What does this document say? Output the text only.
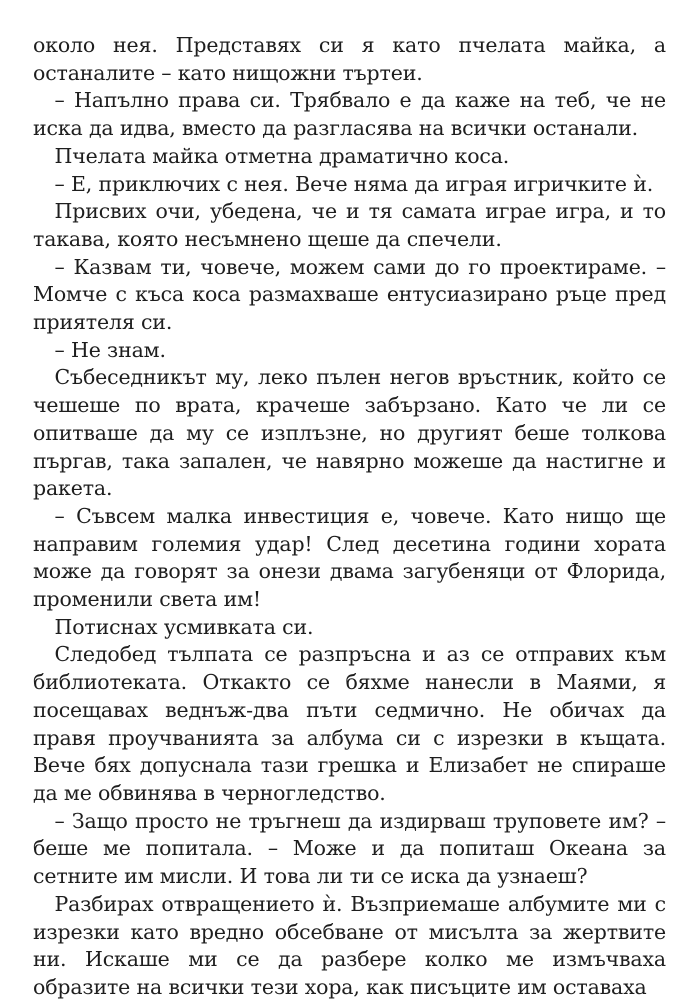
около нея. Представях си я като пчелата майка, а останалите – като нищожни търтеи.

– Напълно права си. Трябвало е да каже на теб, че не иска да идва, вместо да разгласява на всички останали.

Пчелата майка отметна драматично коса.

– Е, приключих с нея. Вече няма да играя игричките ѝ.

Присвих очи, убедена, че и тя самата играе игра, и то такава, която несъмнено щеше да спечели.

– Казвам ти, човече, можем сами до го проектираме. – Момче с къса коса размахваше ентусиазирано ръце пред приятеля си.

– Не знам.

Събеседникът му, леко пълен негов връстник, който се чешеше по врата, крачеше забързано. Като че ли се опитваше да му се изплъзне, но другият беше толкова пъргав, така запален, че навярно можеше да настигне и ракета.

– Съвсем малка инвестиция е, човече. Като нищо ще направим големия удар! След десетина години хората може да говорят за онези двама загубеняци от Флорида, променили света им!

Потиснах усмивката си.

Следобед тълпата се разпръсна и аз се отправих към библиотеката. Откакто се бяхме нанесли в Маями, я посещавах веднъж-два пъти седмично. Не обичах да правя проучванията за албума си с изрезки в къщата. Вече бях допуснала тази грешка и Елизабет не спираше да ме обвинява в черногледство.

– Защо просто не тръгнеш да издирваш труповете им? – беше ме попитала. – Може и да попиташ Океана за сетните им мисли. И това ли ти се иска да узнаеш?

Разбирах отвращението ѝ. Възприемаше албумите ми с изрезки като вредно обсебване от мисълта за жертвите ни. Искаше ми се да разбере колко ме измъчваха образите на всички тези хора, как писъците им оставаха
